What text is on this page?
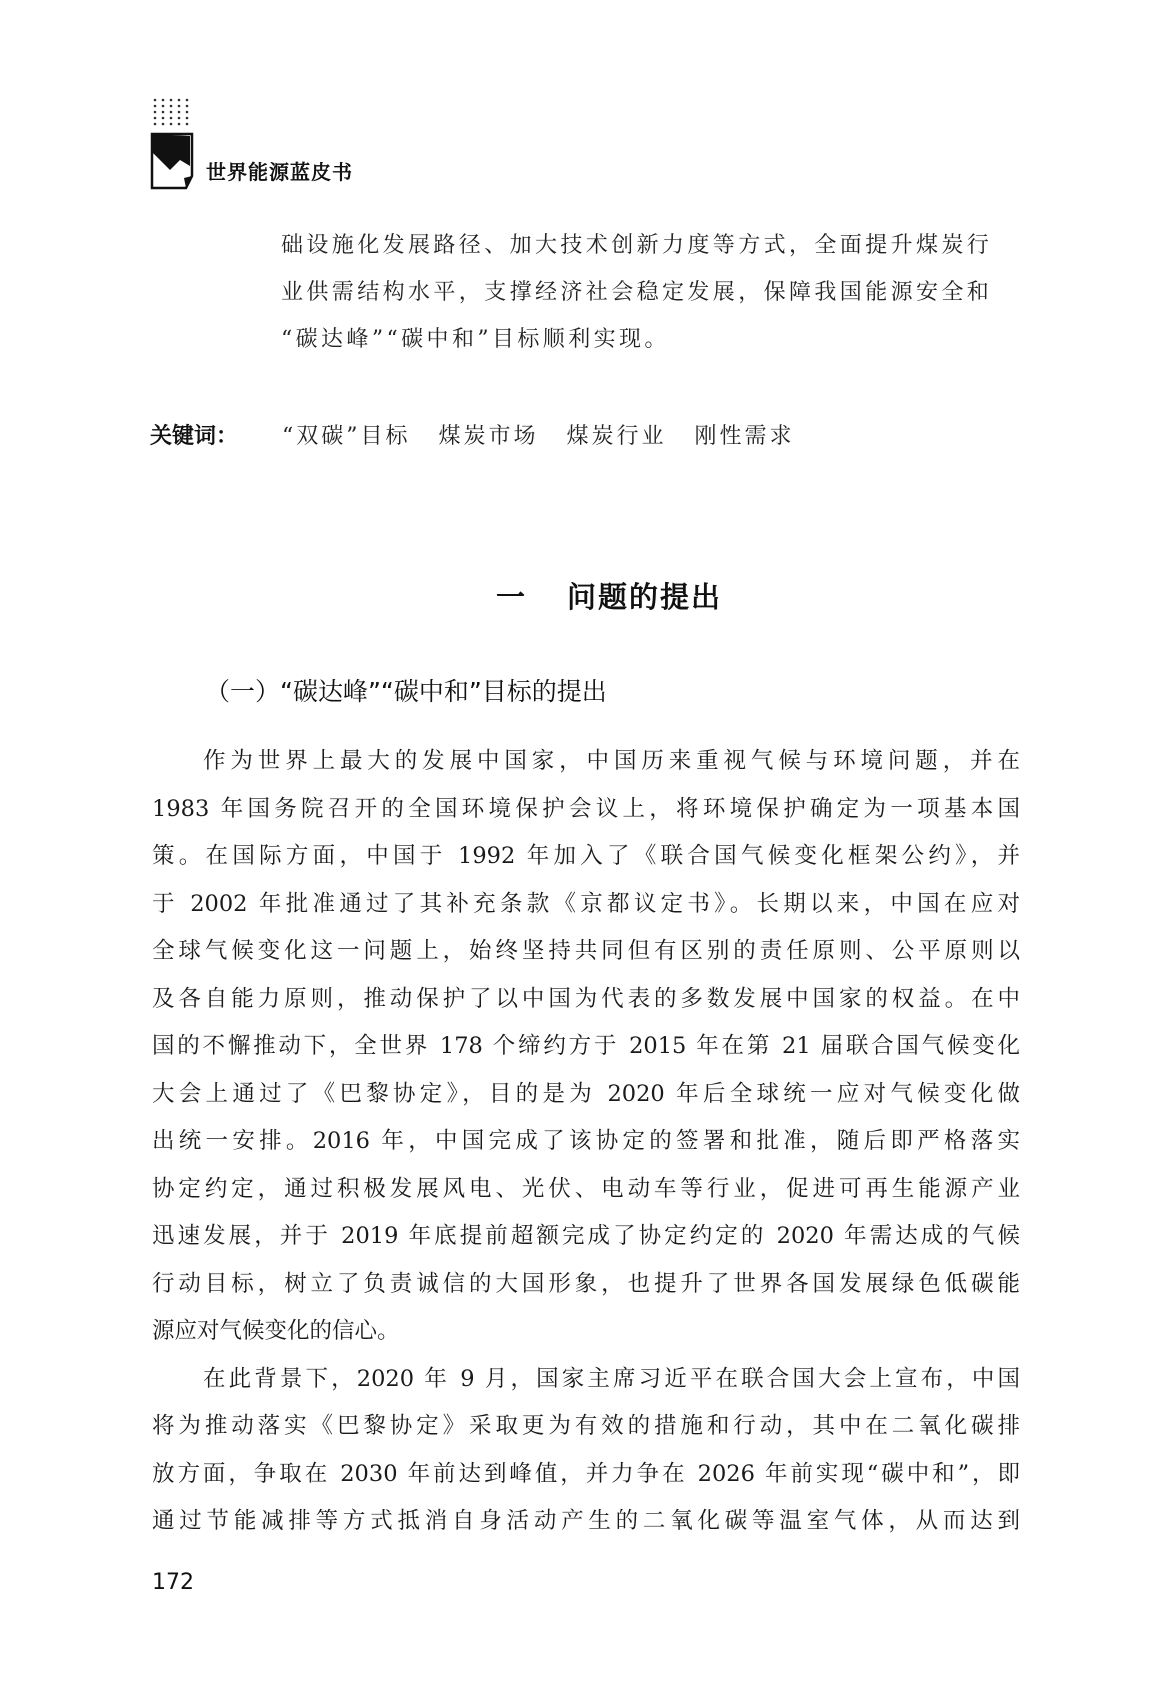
世界能源蓝皮书

础设施化发展路径、加大技术创新力度等方式，全面提升煤炭行

业供需结构水平，支撑经济社会稳定发展，保障我国能源安全和

“碳达峰”“碳中和”目标顺利实现。

关键词：	“双碳”目标 煤炭市场 煤炭行业 刚性需求
一 问题的提出
（一）“碳达峰”“碳中和”目标的提出
作为世界上最大的发展中国家，中国历来重视气候与环境问题，并在
1983 年国务院召开的全国环境保护会议上，将环境保护确定为一项基本国
策。在国际方面，中国于 1992 年加入了《联合国气候变化框架公约》，并
于 2002 年批准通过了其补充条款《京都议定书》。长期以来，中国在应对
全球气候变化这一问题上，始终坚持共同但有区别的责任原则、公平原则以
及各自能力原则，推动保护了以中国为代表的多数发展中国家的权益。在中
国的不懈推动下，全世界 178 个缔约方于 2015 年在第 21 届联合国气候变化
大会上通过了《巴黎协定》，目的是为 2020 年后全球统一应对气候变化做
出统一安排。2016 年，中国完成了该协定的签署和批准，随后即严格落实
协定约定，通过积极发展风电、光伏、电动车等行业，促进可再生能源产业
迅速发展，并于 2019 年底提前超额完成了协定约定的 2020 年需达成的气候
行动目标，树立了负责诚信的大国形象，也提升了世界各国发展绿色低碳能
源应对气候变化的信心。
在此背景下，2020 年 9 月，国家主席习近平在联合国大会上宣布，中国
将为推动落实《巴黎协定》采取更为有效的措施和行动，其中在二氧化碳排
放方面，争取在 2030 年前达到峰值，并力争在 2026 年前实现“碳中和”，即
通过节能减排等方式抵消自身活动产生的二氧化碳等温室气体，从而达到
172
